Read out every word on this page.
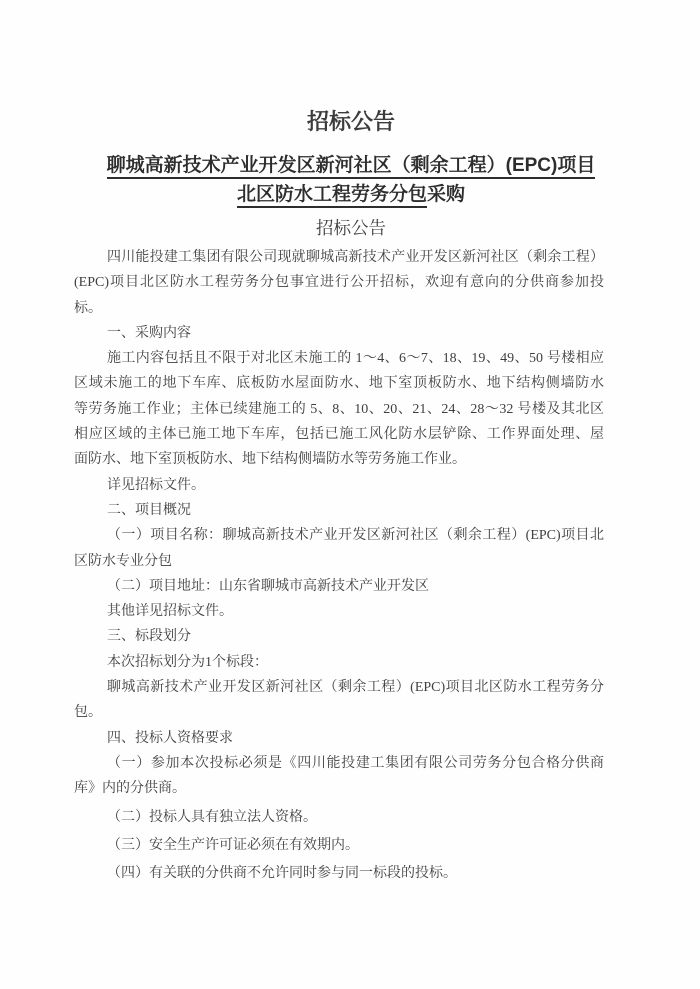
招标公告
聊城高新技术产业开发区新河社区（剩余工程）(EPC)项目
北区防水工程劳务分包采购
招标公告
四川能投建工集团有限公司现就聊城高新技术产业开发区新河社区（剩余工程）
(EPC)项目北区防水工程劳务分包事宜进行公开招标，欢迎有意向的分供商参加投
标。
一、采购内容
施工内容包括且不限于对北区未施工的 1～4、6～7、18、19、49、50 号楼相应
区域未施工的地下车库、底板防水屋面防水、地下室顶板防水、地下结构侧墙防水
等劳务施工作业；主体已续建施工的 5、8、10、20、21、24、28～32 号楼及其北区
相应区域的主体已施工地下车库，包括已施工风化防水层铲除、工作界面处理、屋
面防水、地下室顶板防水、地下结构侧墙防水等劳务施工作业。
详见招标文件。
二、项目概况
（一）项目名称：聊城高新技术产业开发区新河社区（剩余工程）(EPC)项目北
区防水专业分包
（二）项目地址：山东省聊城市高新技术产业开发区
其他详见招标文件。
三、标段划分
本次招标划分为1个标段：
聊城高新技术产业开发区新河社区（剩余工程）(EPC)项目北区防水工程劳务分
包。
四、投标人资格要求
（一）参加本次投标必须是《四川能投建工集团有限公司劳务分包合格分供商
库》内的分供商。
（二）投标人具有独立法人资格。
（三）安全生产许可证必须在有效期内。
（四）有关联的分供商不允许同时参与同一标段的投标。
